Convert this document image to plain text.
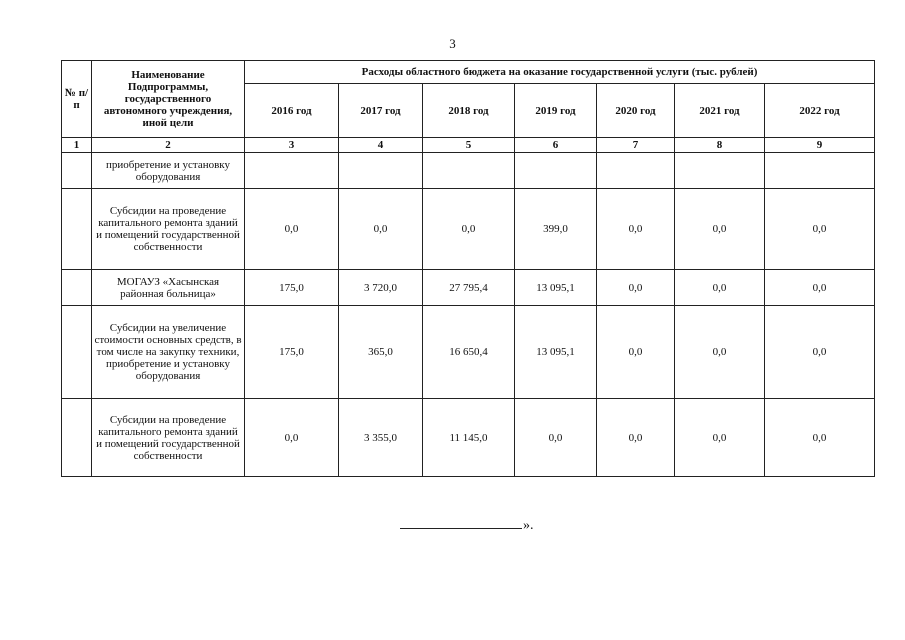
3
№ п/п	Наименование Подпрограммы, государственного автономного учреждения, иной цели	Расходы областного бюджета на оказание государственной услуги (тыс. рублей)						
		2016 год	2017 год	2018 год	2019 год	2020 год	2021 год	2022 год
1	2	3	4	5	6	7	8	9
	приобретение и установку оборудования							
	Субсидии на проведение капитального ремонта зданий и помещений государственной собственности	0,0	0,0	0,0	399,0	0,0	0,0	0,0
	МОГАУЗ «Хасынская районная больница»	175,0	3 720,0	27 795,4	13 095,1	0,0	0,0	0,0
	Субсидии на увеличение стоимости основных средств, в том числе на закупку техники, приобретение и установку оборудования	175,0	365,0	16 650,4	13 095,1	0,0	0,0	0,0
	Субсидии на проведение капитального ремонта зданий и помещений государственной собственности	0,0	3 355,0	11 145,0	0,0	0,0	0,0	0,0
».
